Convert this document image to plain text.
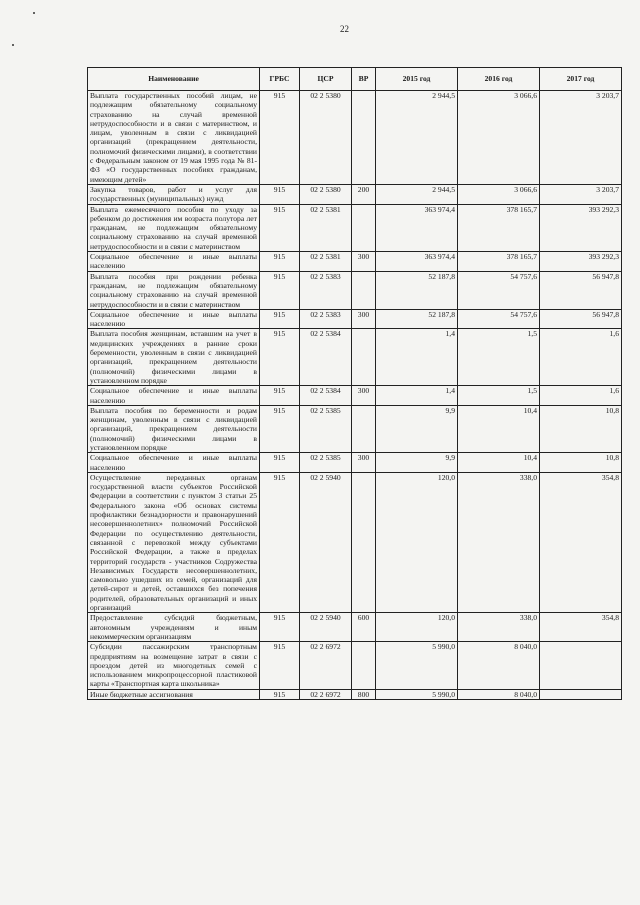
22
Наименование	ГРБС	ЦСР	ВР	2015 год	2016 год	2017 год
Выплата государственных пособий лицам, не подлежащим обязательному социальному страхованию на случай временной нетрудоспособности и в связи с материнством, и лицам, уволенным в связи с ликвидацией организаций (прекращением деятельности, полномочий физическими лицами), в соответствии с Федеральным законом от 19 мая 1995 года № 81-ФЗ «О государственных пособиях гражданам, имеющим детей»	915	02 2 5380		2 944,5	3 066,6	3 203,7
Закупка товаров, работ и услуг для государственных (муниципальных) нужд	915	02 2 5380	200	2 944,5	3 066,6	3 203,7
Выплата ежемесячного пособия по уходу за ребенком до достижения им возраста полутора лет гражданам, не подлежащим обязательному социальному страхованию на случай временной нетрудоспособности и в связи с материнством	915	02 2 5381		363 974,4	378 165,7	393 292,3
Социальное обеспечение и иные выплаты населению	915	02 2 5381	300	363 974,4	378 165,7	393 292,3
Выплата пособия при рождении ребенка гражданам, не подлежащим обязательному социальному страхованию на случай временной нетрудоспособности и в связи с материнством	915	02 2 5383		52 187,8	54 757,6	56 947,8
Социальное обеспечение и иные выплаты населению	915	02 2 5383	300	52 187,8	54 757,6	56 947,8
Выплата пособия женщинам, вставшим на учет в медицинских учреждениях в ранние сроки беременности, уволенным в связи с ликвидацией организаций, прекращением деятельности (полномочий) физическими лицами в установленном порядке	915	02 2 5384		1,4	1,5	1,6
Социальное обеспечение и иные выплаты населению	915	02 2 5384	300	1,4	1,5	1,6
Выплата пособия по беременности и родам женщинам, уволенным в связи с ликвидацией организаций, прекращением деятельности (полномочий) физическими лицами в установленном порядке	915	02 2 5385		9,9	10,4	10,8
Социальное обеспечение и иные выплаты населению	915	02 2 5385	300	9,9	10,4	10,8
Осуществление переданных органам государственной власти субъектов Российской Федерации в соответствии с пунктом 3 статьи 25 Федерального закона «Об основах системы профилактики безнадзорности и правонарушений несовершеннолетних» полномочий Российской Федерации по осуществлению деятельности, связанной с перевозкой между субъектами Российской Федерации, а также в пределах территорий государств - участников Содружества Независимых Государств несовершеннолетних, самовольно ушедших из семей, организаций для детей-сирот и детей, оставшихся без попечения родителей, образовательных организаций и иных организаций	915	02 2 5940		120,0	338,0	354,8
Предоставление субсидий бюджетным, автономным учреждениям и иным некоммерческим организациям	915	02 2 5940	600	120,0	338,0	354,8
Субсидии пассажирским транспортным предприятиям на возмещение затрат в связи с проездом детей из многодетных семей с использованием микропроцессорной пластиковой карты «Транспортная карта школьника»	915	02 2 6972		5 990,0	8 040,0	
Иные бюджетные ассигнования	915	02 2 6972	800	5 990,0	8 040,0	
